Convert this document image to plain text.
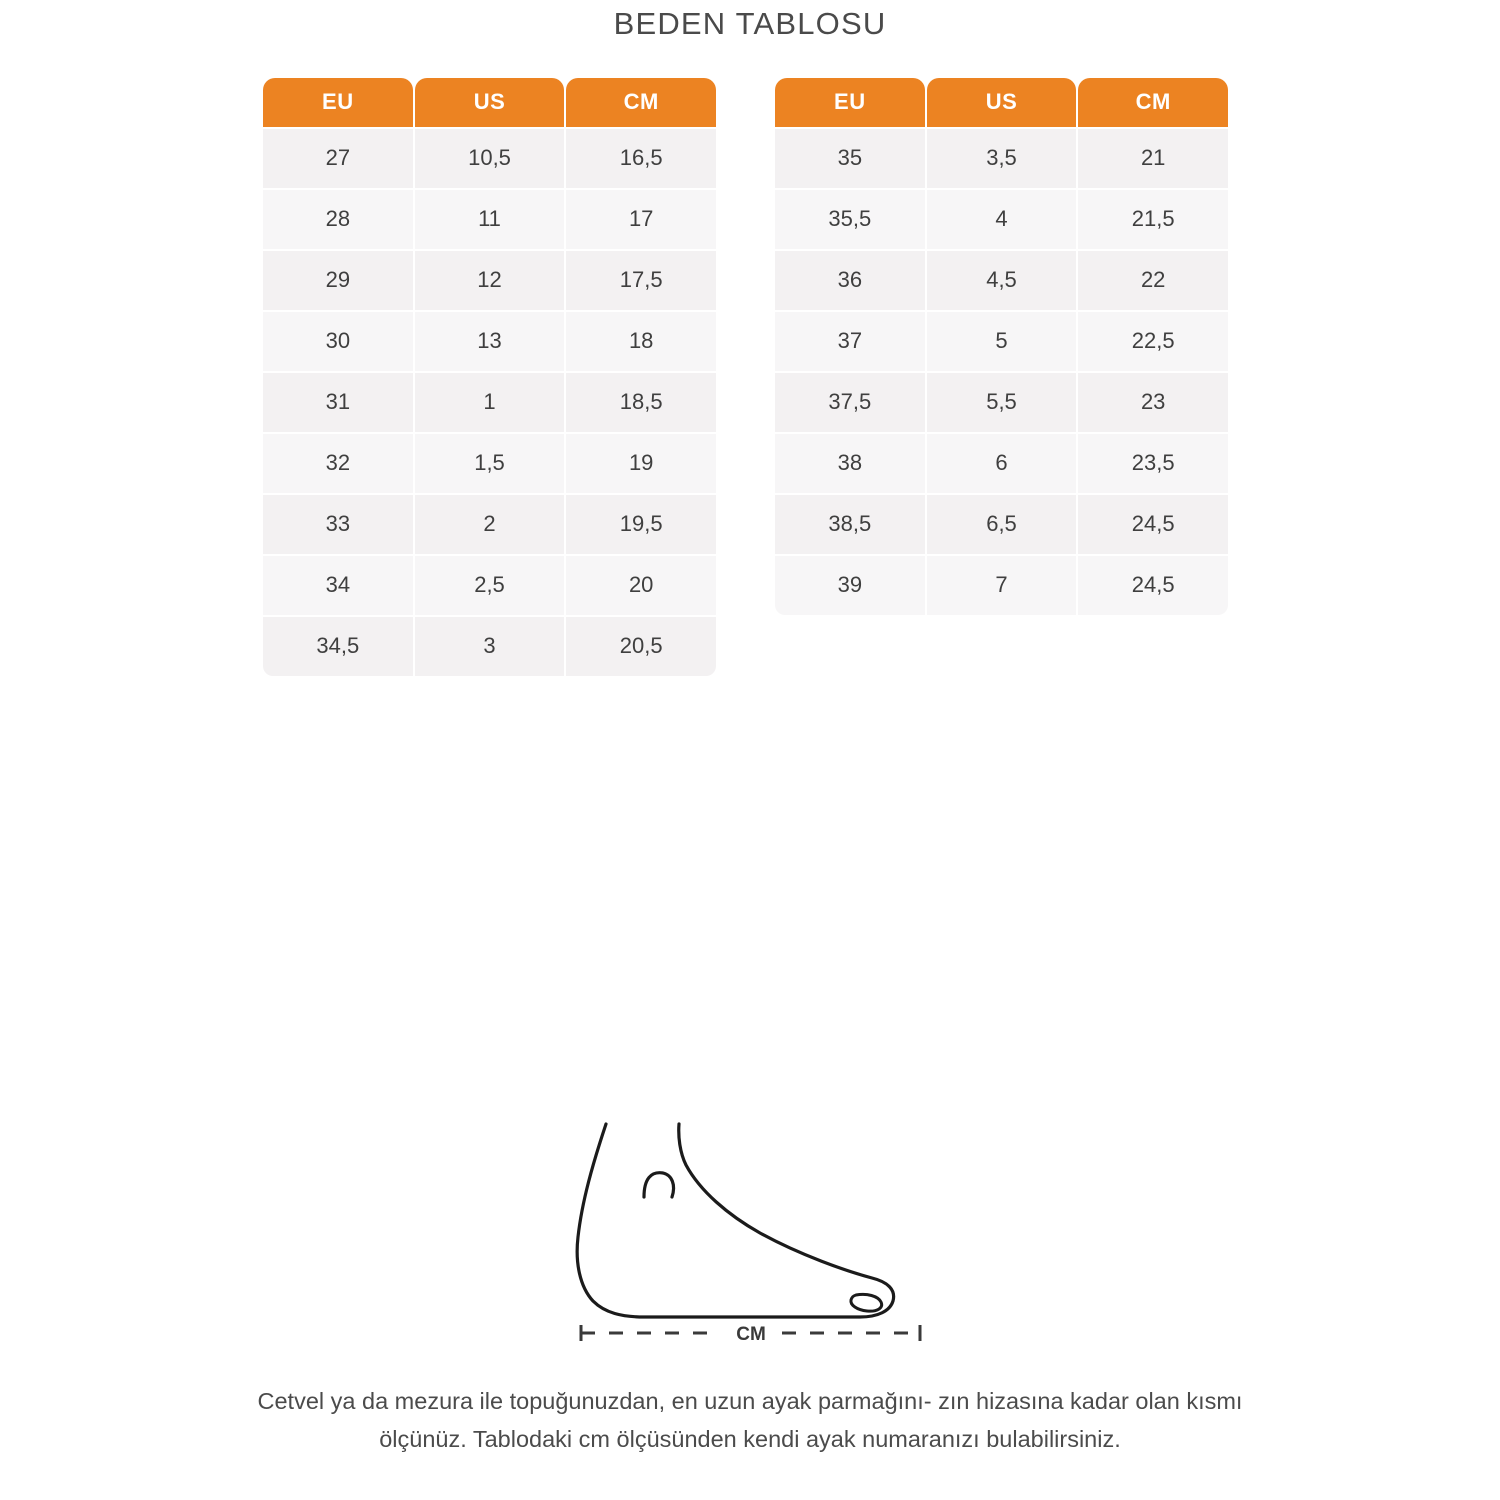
BEDEN TABLOSU
EU	US	CM
27	10,5	16,5
28	11	17
29	12	17,5
30	13	18
31	1	18,5
32	1,5	19
33	2	19,5
34	2,5	20
34,5	3	20,5
EU	US	CM
35	3,5	21
35,5	4	21,5
36	4,5	22
37	5	22,5
37,5	5,5	23
38	6	23,5
38,5	6,5	24,5
39	7	24,5
CM
Cetvel ya da mezura ile topuğunuzdan, en uzun ayak parmağını- zın hizasına kadar olan kısmı ölçünüz. Tablodaki cm ölçüsünden kendi ayak numaranızı bulabilirsiniz.
